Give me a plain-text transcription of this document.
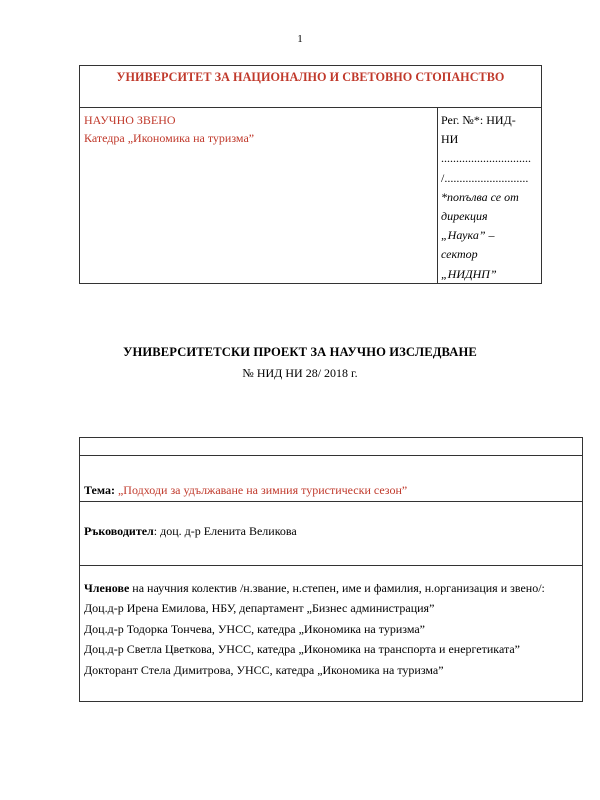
1
УНИВЕРСИТЕТ ЗА НАЦИОНАЛНО И СВЕТОВНО СТОПАНСТВО
НАУЧНО ЗВЕНО
Катедра „Икономика на туризма”
Рег. №*: НИД-
НИ
..............................
/............................
*попълва се от
дирекция
„Наука” –
сектор
„НИДНП”
УНИВЕРСИТЕТСКИ ПРОЕКТ ЗА НАУЧНО ИЗСЛЕДВАНЕ
№ НИД НИ 28/ 2018 г.
Тема: „Подходи за удължаване на зимния туристически сезон”
Ръководител: доц. д-р Еленита Великова
Членове на научния колектив /н.звание, н.степен, име и фамилия, н.организация и звено/:
Доц.д-р Ирена Емилова, НБУ, департамент „Бизнес администрация”
Доц.д-р Тодорка Тончева, УНСС, катедра „Икономика на туризма”
Доц.д-р Светла Цветкова, УНСС, катедра „Икономика на транспорта и енергетиката”
Докторант Стела Димитрова, УНСС, катедра „Икономика на туризма”
